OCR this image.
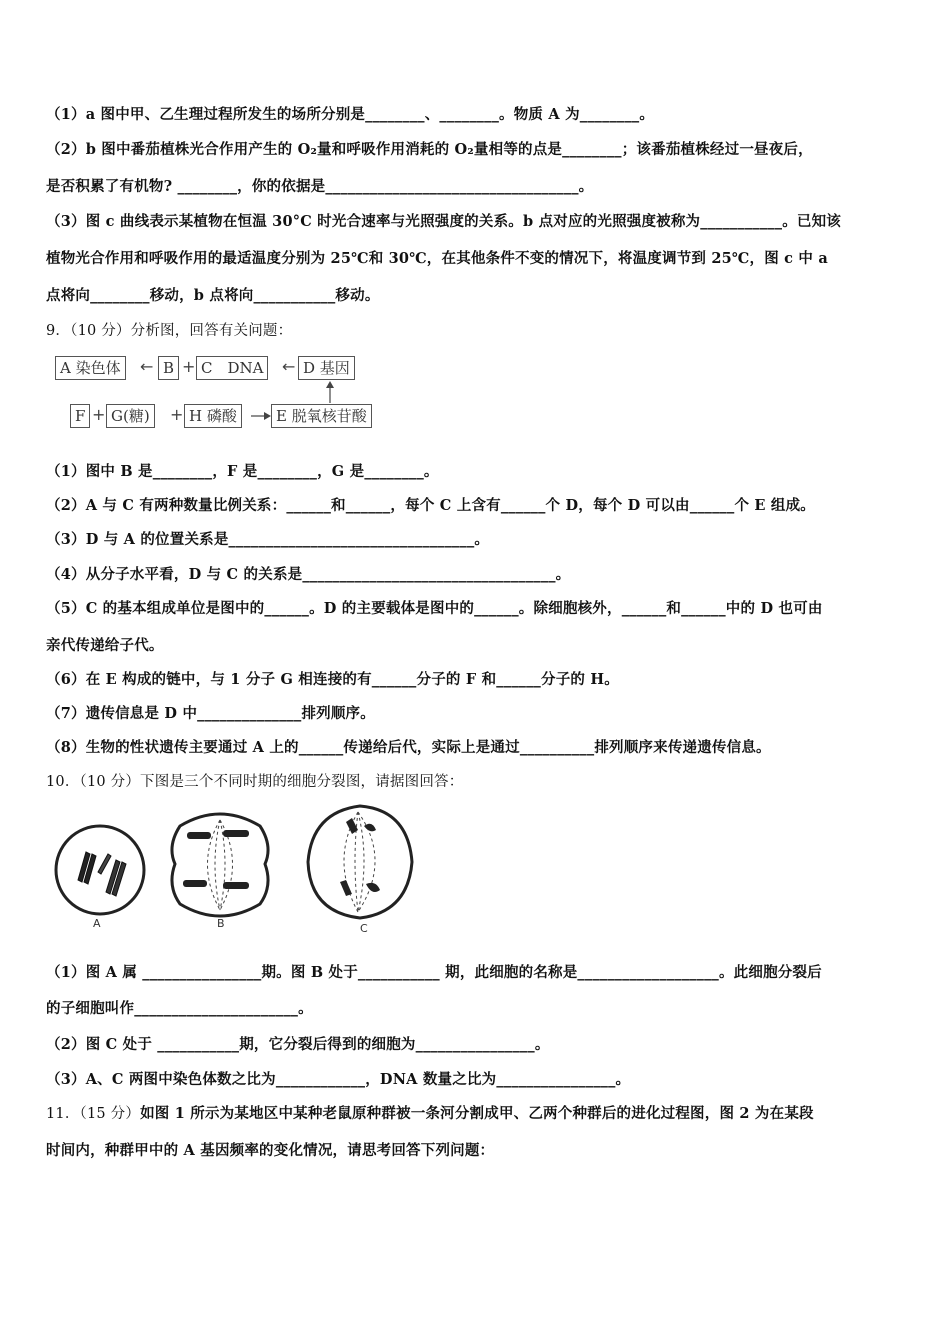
（1）a 图中甲、乙生理过程所发生的场所分别是________、________。物质 A 为________。
（2）b 图中番茄植株光合作用产生的 O₂量和呼吸作用消耗的 O₂量相等的点是________；该番茄植株经过一昼夜后，
是否积累了有机物? ________，你的依据是__________________________________。
（3）图 c 曲线表示某植物在恒温 30°C 时光合速率与光照强度的关系。b 点对应的光照强度被称为___________。已知该
植物光合作用和呼吸作用的最适温度分别为 25℃和 30℃，在其他条件不变的情况下，将温度调节到 25℃，图 c 中 a
点将向________移动，b 点将向___________移动。
9．（10 分）分析图，回答有关问题：
A 染色体	← B + C　DNA	← D 基因
F + G(糖)	+ H 磷酸	E 脱氧核苷酸
（1）图中 B 是________，F 是________，G 是________。
（2）A 与 C 有两种数量比例关系：______和______，每个 C 上含有______个 D，每个 D 可以由______个 E 组成。
（3）D 与 A 的位置关系是_________________________________。
（4）从分子水平看，D 与 C 的关系是__________________________________。
（5）C 的基本组成单位是图中的______。D 的主要载体是图中的______。除细胞核外，______和______中的 D 也可由
亲代传递给子代。
（6）在 E 构成的链中，与 1 分子 G 相连接的有______分子的 F 和______分子的 H。
（7）遗传信息是 D 中______________排列顺序。
（8）生物的性状遗传主要通过 A 上的______传递给后代，实际上是通过__________排列顺序来传递遗传信息。
10．（10 分）下图是三个不同时期的细胞分裂图，请据图回答：
A	B	C
（1）图 A 属 ________________期。图 B 处于___________ 期，此细胞的名称是___________________。此细胞分裂后
的子细胞叫作______________________。
（2）图 C 处于 ___________期，它分裂后得到的细胞为________________。
（3）A、C 两图中染色体数之比为____________，DNA 数量之比为________________。
11．（15 分）如图 1 所示为某地区中某种老鼠原种群被一条河分割成甲、乙两个种群后的进化过程图，图 2 为在某段
时间内，种群甲中的 A 基因频率的变化情况，请思考回答下列问题：
